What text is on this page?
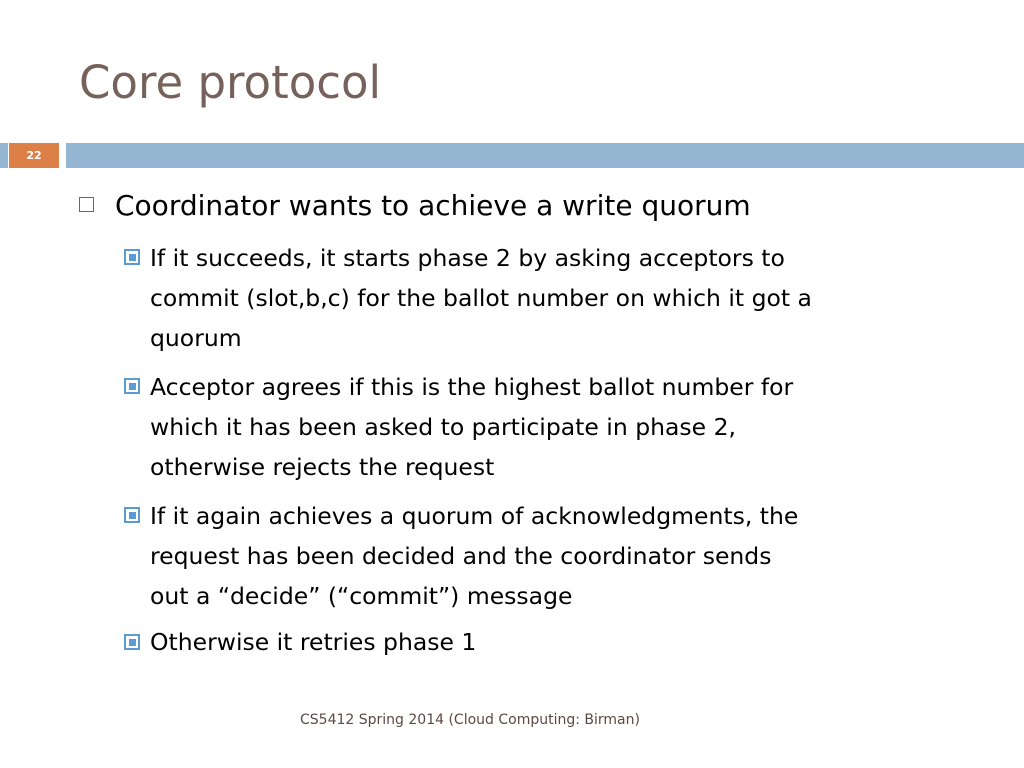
Core protocol
22
Coordinator wants to achieve a write quorum
If it succeeds, it starts phase 2 by asking acceptors to
commit (slot,b,c) for the ballot number on which it got a
quorum
Acceptor agrees if this is the highest ballot number for
which it has been asked to participate in phase 2,
otherwise rejects the request
If it again achieves a quorum of acknowledgments, the
request has been decided and the coordinator sends
out a “decide” (“commit”) message
Otherwise it retries phase 1
CS5412 Spring 2014 (Cloud Computing: Birman)
